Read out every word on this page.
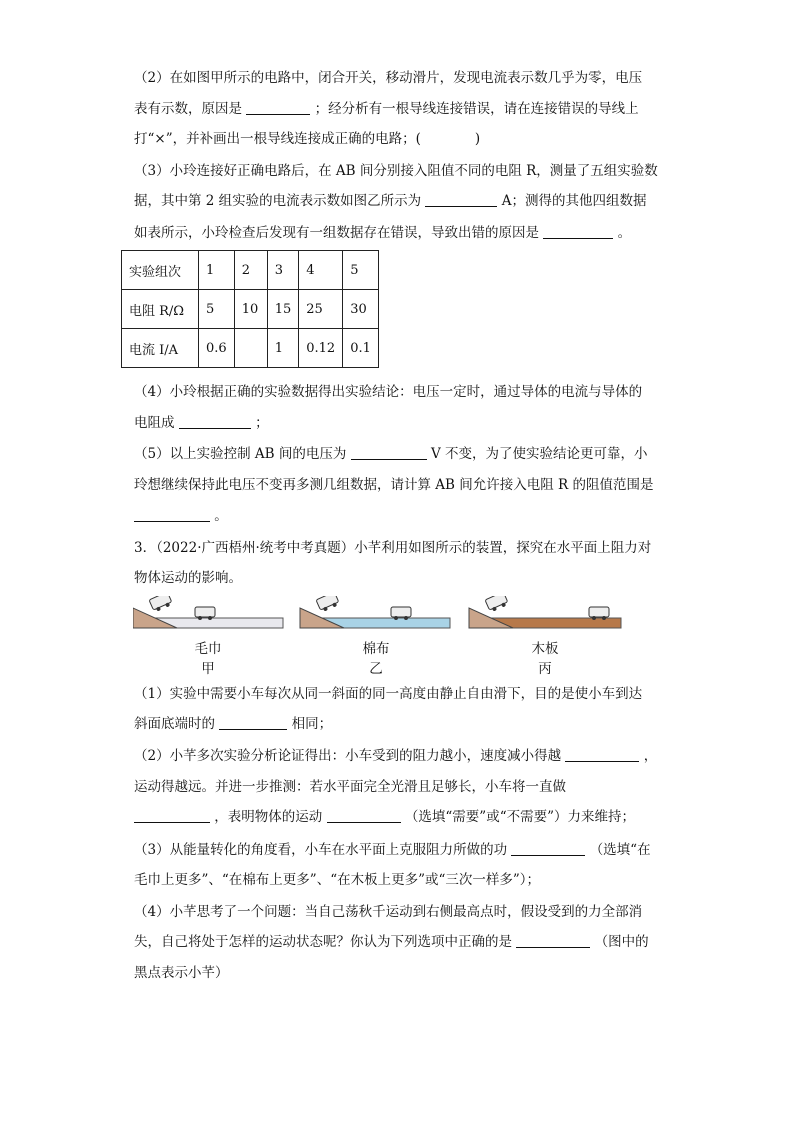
（2）在如图甲所示的电路中，闭合开关，移动滑片，发现电流表示数几乎为零，电压
表有示数，原因是	；经分析有一根导线连接错误，请在连接错误的导线上
打“×”，并补画出一根导线连接成正确的电路；(　　　　)
（3）小玲连接好正确电路后，在 AB 间分别接入阻值不同的电阻 R，测量了五组实验数
据，其中第 2 组实验的电流表示数如图乙所示为	A；测得的其他四组数据
如表所示，小玲检查后发现有一组数据存在错误，导致出错的原因是	。
实验组次	1	2	3	4	5
电阻 R/Ω	5	10	15	25	30
电流 I/A	0.6		1	0.12	0.1
（4）小玲根据正确的实验数据得出实验结论：电压一定时，通过导体的电流与导体的
电阻成	；
（5）以上实验控制 AB 间的电压为	V 不变，为了使实验结论更可靠，小
玲想继续保持此电压不变再多测几组数据，请计算 AB 间允许接入电阻 R 的阻值范围是
。
3．（2022·广西梧州·统考中考真题）小芊利用如图所示的装置，探究在水平面上阻力对
物体运动的影响。
毛巾
甲
棉布
乙
木板
丙
（1）实验中需要小车每次从同一斜面的同一高度由静止自由滑下，目的是使小车到达
斜面底端时的	相同；
（2）小芊多次实验分析论证得出：小车受到的阻力越小，速度减小得越	，
运动得越远。并进一步推测：若水平面完全光滑且足够长，小车将一直做
，表明物体的运动	（选填“需要”或“不需要”）力来维持；
（3）从能量转化的角度看，小车在水平面上克服阻力所做的功	（选填“在
毛巾上更多”、“在棉布上更多”、“在木板上更多”或“三次一样多”）；
（4）小芊思考了一个问题：当自己荡秋千运动到右侧最高点时，假设受到的力全部消
失，自己将处于怎样的运动状态呢？你认为下列选项中正确的是	（图中的
黑点表示小芊）
